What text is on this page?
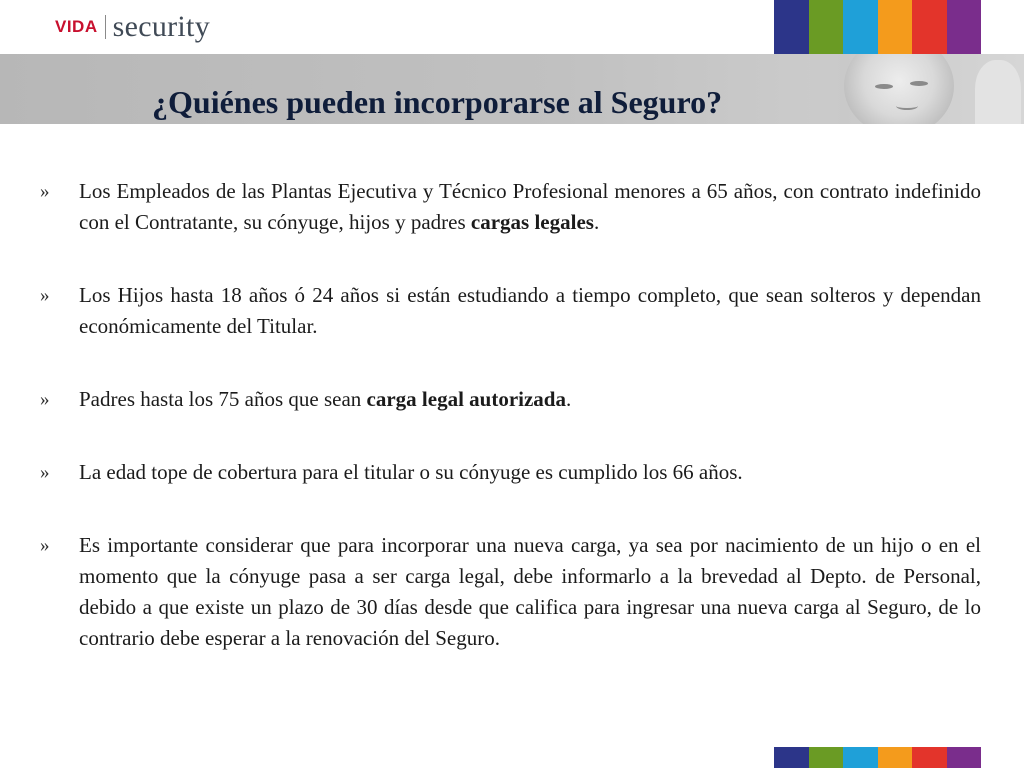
VIDA security
¿Quiénes pueden incorporarse al Seguro?
» Los Empleados de las Plantas Ejecutiva y Técnico Profesional menores a 65 años, con contrato indefinido con el Contratante, su cónyuge, hijos y padres cargas legales.
» Los Hijos hasta 18 años ó 24 años si están estudiando a tiempo completo, que sean solteros y dependan económicamente del Titular.
» Padres hasta los 75 años que sean carga legal autorizada.
» La edad tope de cobertura para el titular o su cónyuge es cumplido los 66 años.
» Es importante considerar que para incorporar una nueva carga, ya sea por nacimiento de un hijo o en el momento que la cónyuge pasa a ser carga legal, debe informarlo a la brevedad al Depto. de Personal, debido a que existe un plazo de 30 días desde que califica para ingresar una nueva carga al Seguro, de lo contrario debe esperar a la renovación del Seguro.
